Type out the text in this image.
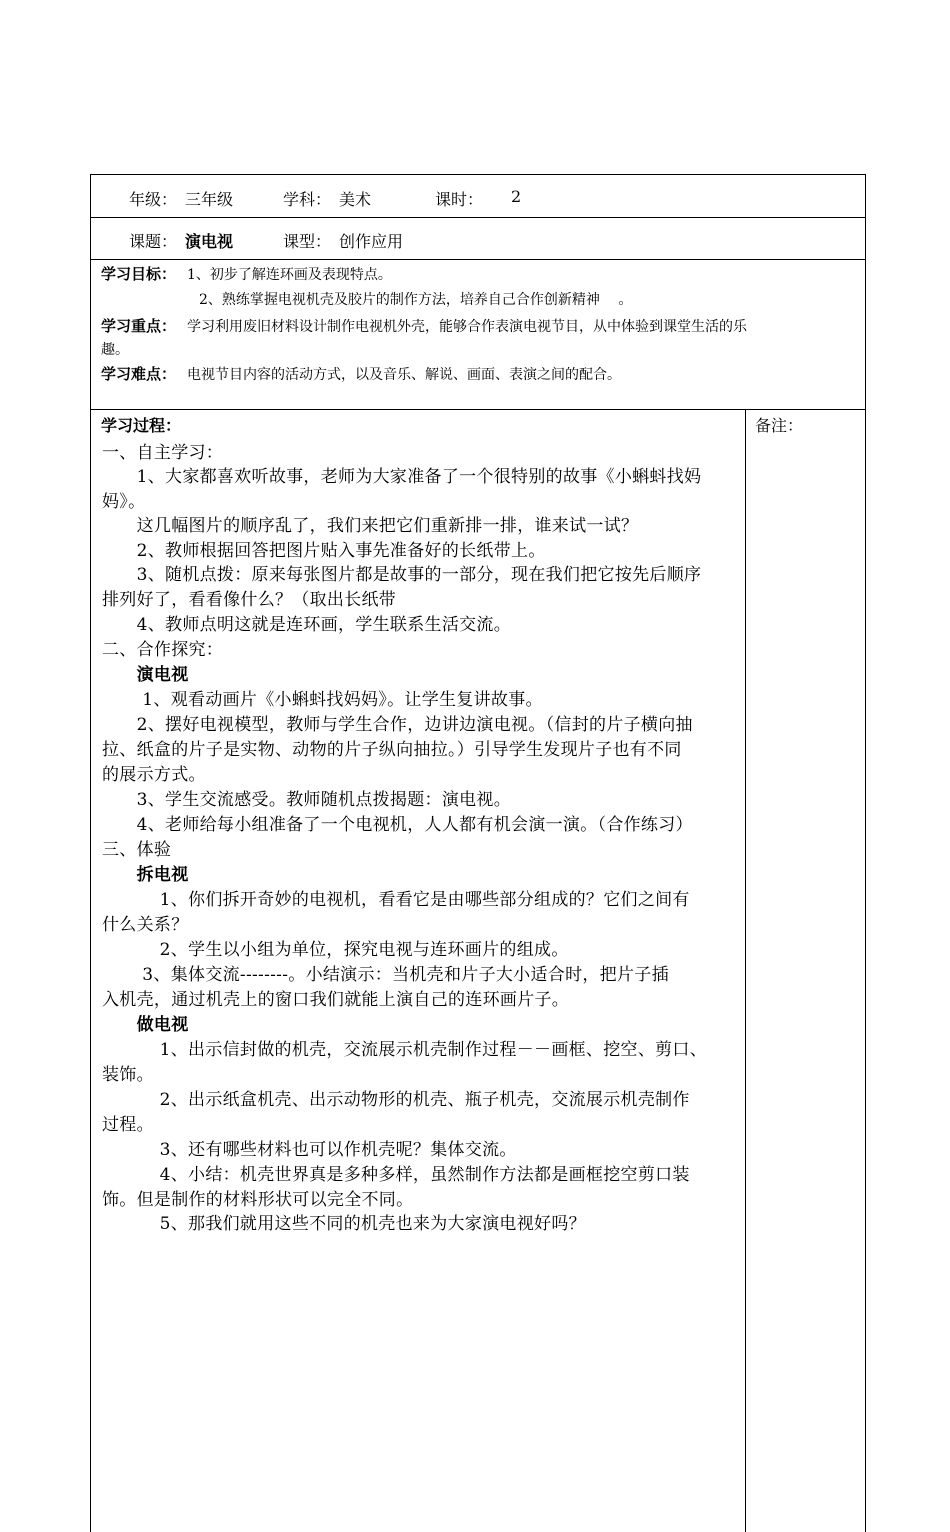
年级： 三年级	学科： 美术	课时： 2
课题： 演电视	课型： 创作应用
学习目标： 1、初步了解连环画及表现特点。
2、熟练掌握电视机壳及胶片的制作方法，培养自己合作创新精神　 。
学习重点： 学习利用废旧材料设计制作电视机外壳，能够合作表演电视节目，从中体验到课堂生活的乐
趣。
学习难点： 电视节目内容的活动方式，以及音乐、解说、画面、表演之间的配合。
学习过程：	备注：
一、自主学习：
　　1、大家都喜欢听故事，老师为大家准备了一个很特别的故事《小蝌蚪找妈
妈》。
　　这几幅图片的顺序乱了，我们来把它们重新排一排，谁来试一试？
　　2、教师根据回答把图片贴入事先准备好的长纸带上。
　　3、随机点拨：原来每张图片都是故事的一部分，现在我们把它按先后顺序
排列好了，看看像什么？（取出长纸带
　　4、教师点明这就是连环画，学生联系生活交流。
二、合作探究：
　　演电视
　　 1、观看动画片《小蝌蚪找妈妈》。让学生复讲故事。
　　2、摆好电视模型，教师与学生合作，边讲边演电视。（信封的片子横向抽
拉、纸盒的片子是实物、动物的片子纵向抽拉。）引导学生发现片子也有不同
的展示方式。
　　3、学生交流感受。教师随机点拨揭题：演电视。
　　4、老师给每小组准备了一个电视机，人人都有机会演一演。（合作练习）
三、体验
　　拆电视
　　　 1、你们拆开奇妙的电视机，看看它是由哪些部分组成的？它们之间有
什么关系？
　　　 2、学生以小组为单位，探究电视与连环画片的组成。
　　 3、集体交流--------。小结演示：当机壳和片子大小适合时，把片子插
入机壳，通过机壳上的窗口我们就能上演自己的连环画片子。
　　做电视
　　　 1、出示信封做的机壳，交流展示机壳制作过程－－画框、挖空、剪口、
装饰。
　　　 2、出示纸盒机壳、出示动物形的机壳、瓶子机壳，交流展示机壳制作
过程。
　　　 3、还有哪些材料也可以作机壳呢？集体交流。
　　　 4、小结：机壳世界真是多种多样，虽然制作方法都是画框挖空剪口装
饰。但是制作的材料形状可以完全不同。
　　　 5、那我们就用这些不同的机壳也来为大家演电视好吗？
